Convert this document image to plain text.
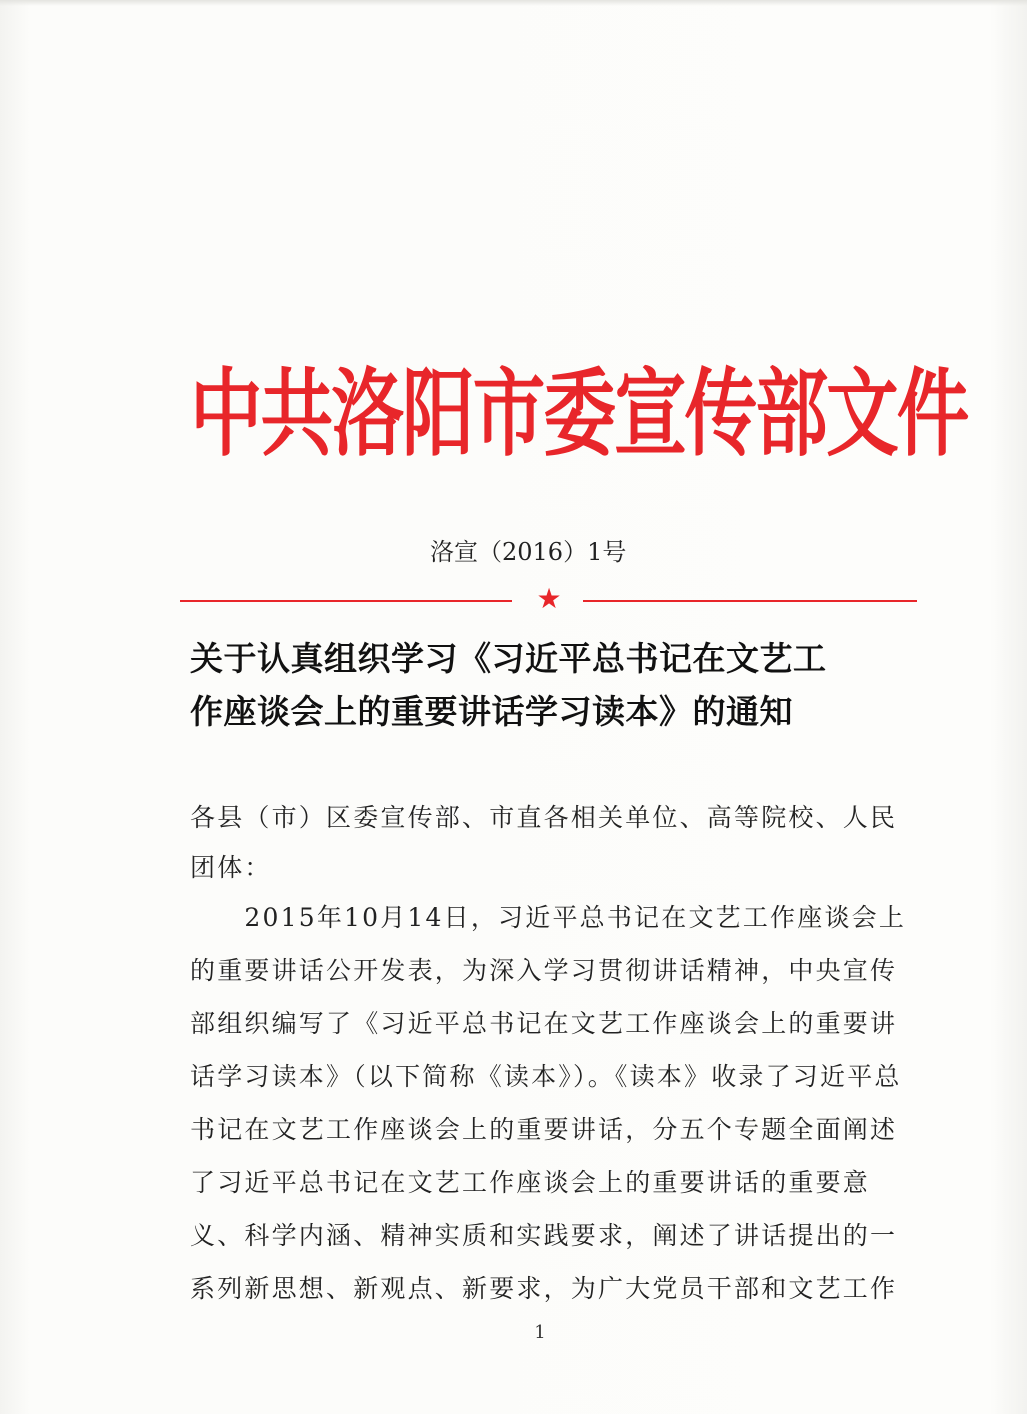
中共洛阳市委宣传部文件
洛宣（2016）1号
★
关于认真组织学习《习近平总书记在文艺工
作座谈会上的重要讲话学习读本》的通知
各县（市）区委宣传部、市直各相关单位、高等院校、人民
团体：
　　2015年10月14日，习近平总书记在文艺工作座谈会上
的重要讲话公开发表，为深入学习贯彻讲话精神，中央宣传
部组织编写了《习近平总书记在文艺工作座谈会上的重要讲
话学习读本》（以下简称《读本》）。《读本》收录了习近平总
书记在文艺工作座谈会上的重要讲话，分五个专题全面阐述
了习近平总书记在文艺工作座谈会上的重要讲话的重要意
义、科学内涵、精神实质和实践要求，阐述了讲话提出的一
系列新思想、新观点、新要求，为广大党员干部和文艺工作
1
